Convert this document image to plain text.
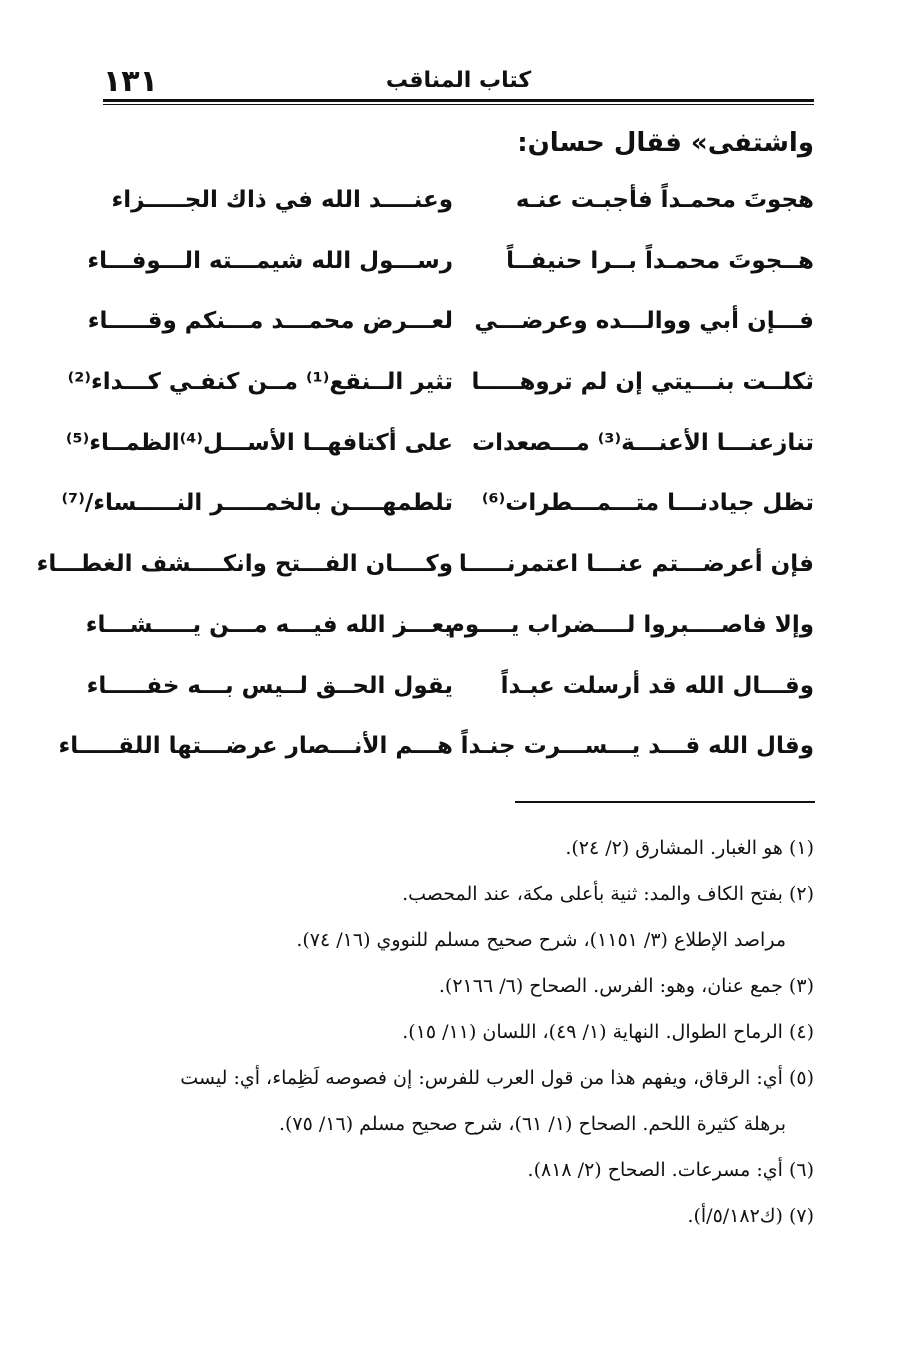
كتاب المناقب
١٣١
واشتفى» فقال حسان:
هجوتَ محمـداً فأجبـت عنـه
وعنــــد الله في ذاك الجـــــزاء
هــجوتَ محمـداً بــرا حنيفــاً
رســـول الله شيمـــته الـــوفـــاء
فـــإن أبي ووالـــده وعرضـــي
لعـــرض محمـــد مـــنكم وقـــــاء
ثكلــت بنـــيتي إن لم تروهـــــا
تثير الــنقع⁽¹⁾ مــن كنفـي كـــداء⁽²⁾
تنازعنـــا الأعنـــة⁽³⁾ مـــصعدات
على أكتافهــا الأســـل⁽⁴⁾الظمــاء⁽⁵⁾
تظل جيادنـــا متـــمـــطرات⁽⁶⁾
تلطمهــــن بالخمـــــر النـــــساء/⁽⁷⁾
فإن أعرضـــتم عنـــا اعتمرنـــــا
وكــــان الفـــتح وانكــــشف الغطـــاء
وإلا فاصــــبروا لــــضراب يــــوم
يعـــز الله فيـــه مـــن يـــــشـــاء
وقـــال الله قد أرسلت عبـداً
يقول الحــق لــيس بـــه خفـــــاء
وقال الله قـــد يـــســـرت جنـداً
هـــم الأنـــصار عرضـــتها اللقـــــاء
(١) هو الغبار. المشارق (٢/ ٢٤).
(٢) بفتح الكاف والمد: ثنية بأعلى مكة، عند المحصب.
مراصد الإطلاع (٣/ ١١٥١)، شرح صحيح مسلم للنووي (١٦/ ٧٤).
(٣) جمع عنان، وهو: الفرس. الصحاح (٦/ ٢١٦٦).
(٤) الرماح الطوال. النهاية (١/ ٤٩)، اللسان (١١/ ١٥).
(٥) أي: الرقاق، ويفهم هذا من قول العرب للفرس: إن فصوصه لَظِماء، أي: ليست
برهلة كثيرة اللحم. الصحاح (١/ ٦١)، شرح صحيح مسلم (١٦/ ٧٥).
(٦) أي: مسرعات. الصحاح (٢/ ٨١٨).
(٧) (ك٥/١٨٢/أ).
